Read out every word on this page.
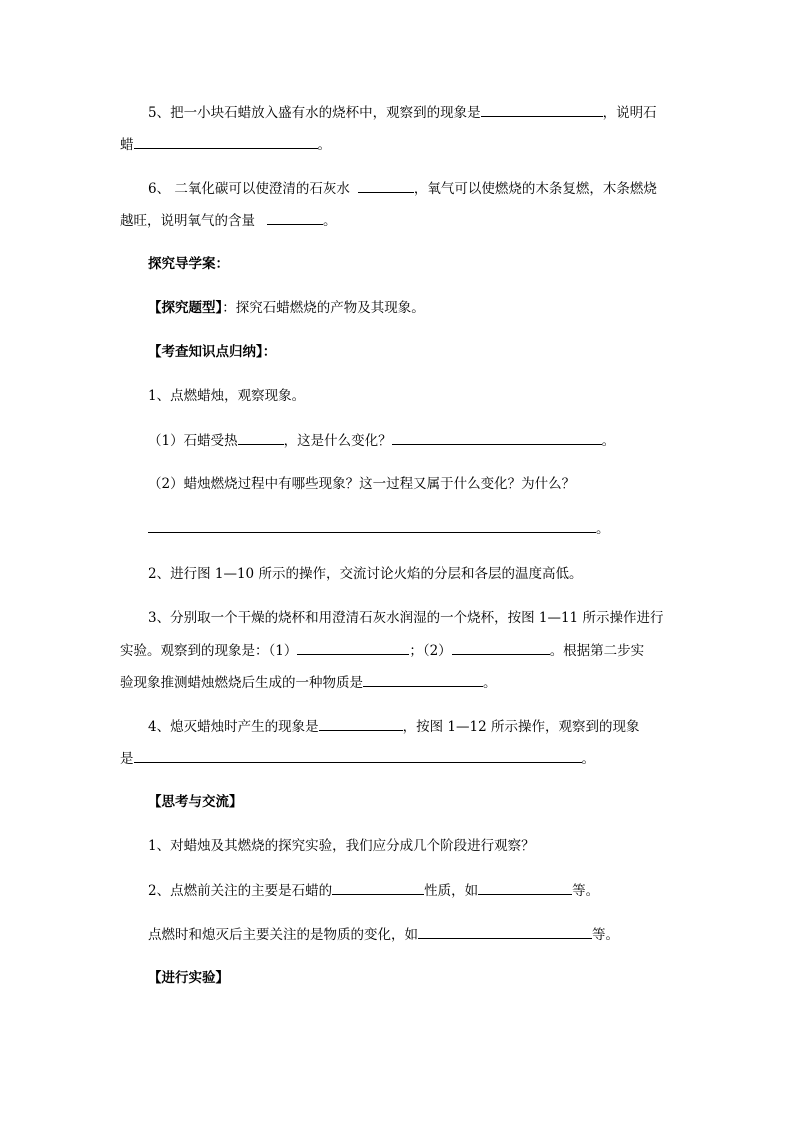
5、把一小块石蜡放入盛有水的烧杯中，观察到的现象是	，说明石
蜡	。
6、 二氧化碳可以使澄清的石灰水	，氧气可以使燃烧的木条复燃，木条燃烧
越旺，说明氧气的含量	。
探究导学案：
【探究题型】：探究石蜡燃烧的产物及其现象。
【考查知识点归纳】：
1、点燃蜡烛，观察现象。
（1）石蜡受热	，这是什么变化？	。
（2）蜡烛燃烧过程中有哪些现象？这一过程又属于什么变化？为什么？
。
2、进行图 1—10 所示的操作，交流讨论火焰的分层和各层的温度高低。
3、分别取一个干燥的烧杯和用澄清石灰水润湿的一个烧杯，按图 1—11 所示操作进行
实验。观察到的现象是：（1）	；（2）	。根据第二步实
验现象推测蜡烛燃烧后生成的一种物质是	。
4、熄灭蜡烛时产生的现象是	，按图 1—12 所示操作，观察到的现象
是	。
【思考与交流】
1、对蜡烛及其燃烧的探究实验，我们应分成几个阶段进行观察？
2、点燃前关注的主要是石蜡的	性质，如	等。
点燃时和熄灭后主要关注的是物质的变化，如	等。
【进行实验】
